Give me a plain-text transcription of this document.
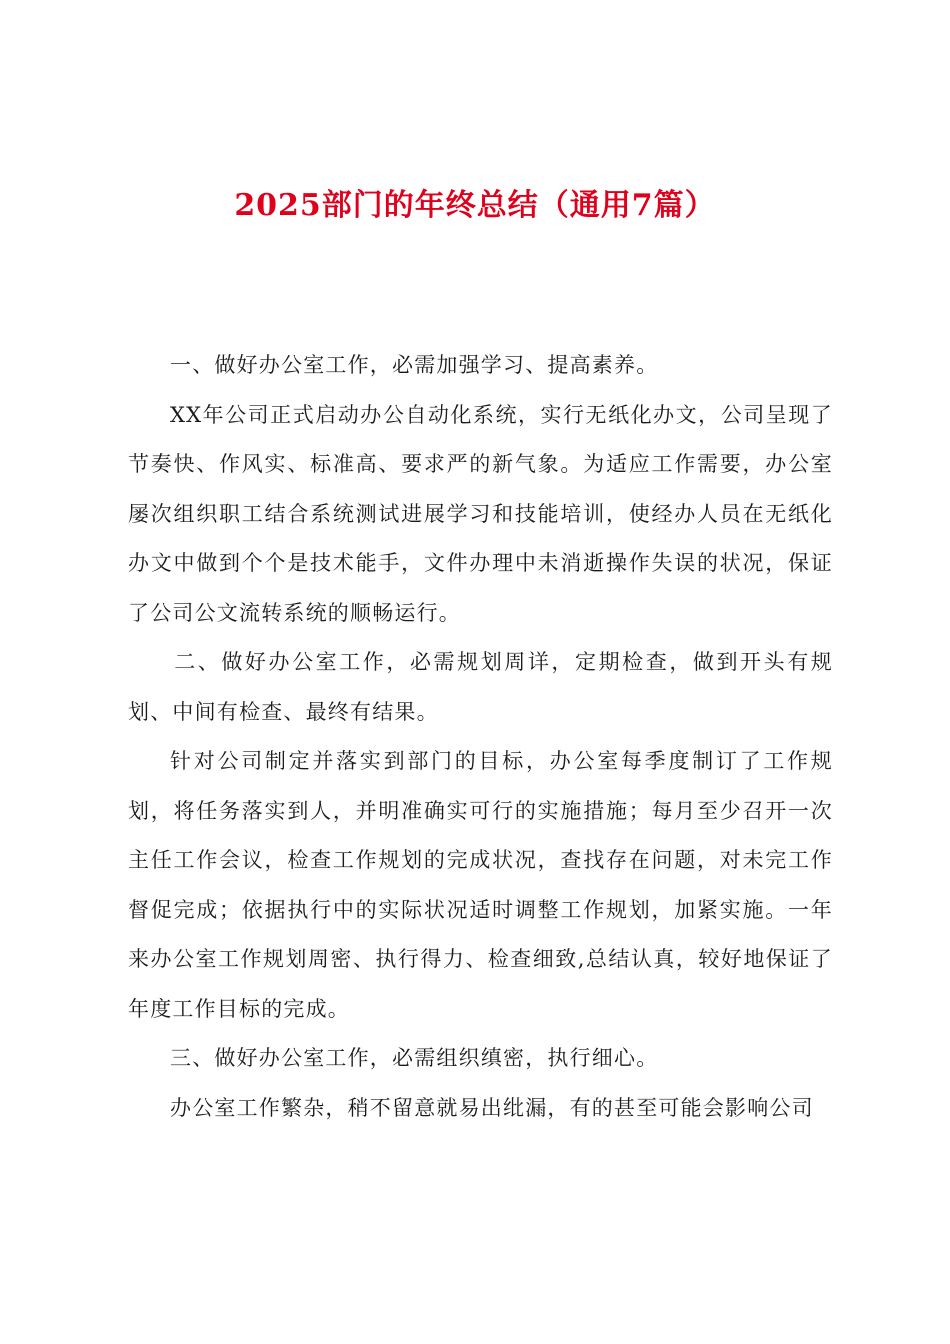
2025部门的年终总结（通用7篇）

一、做好办公室工作，必需加强学习、提高素养。

XX年公司正式启动办公自动化系统，实行无纸化办文，公司呈现了节奏快、作风实、标准高、要求严的新气象。为适应工作需要，办公室屡次组织职工结合系统测试进展学习和技能培训，使经办人员在无纸化办文中做到个个是技术能手，文件办理中未消逝操作失误的状况，保证了公司公文流转系统的顺畅运行。

二、做好办公室工作，必需规划周详，定期检查，做到开头有规划、中间有检查、最终有结果。

针对公司制定并落实到部门的目标，办公室每季度制订了工作规划，将任务落实到人，并明准确实可行的实施措施；每月至少召开一次主任工作会议，检查工作规划的完成状况，查找存在问题，对未完工作督促完成；依据执行中的实际状况适时调整工作规划，加紧实施。一年来办公室工作规划周密、执行得力、检查细致,总结认真，较好地保证了年度工作目标的完成。

三、做好办公室工作，必需组织缜密，执行细心。

办公室工作繁杂，稍不留意就易出纰漏，有的甚至可能会影响公司
